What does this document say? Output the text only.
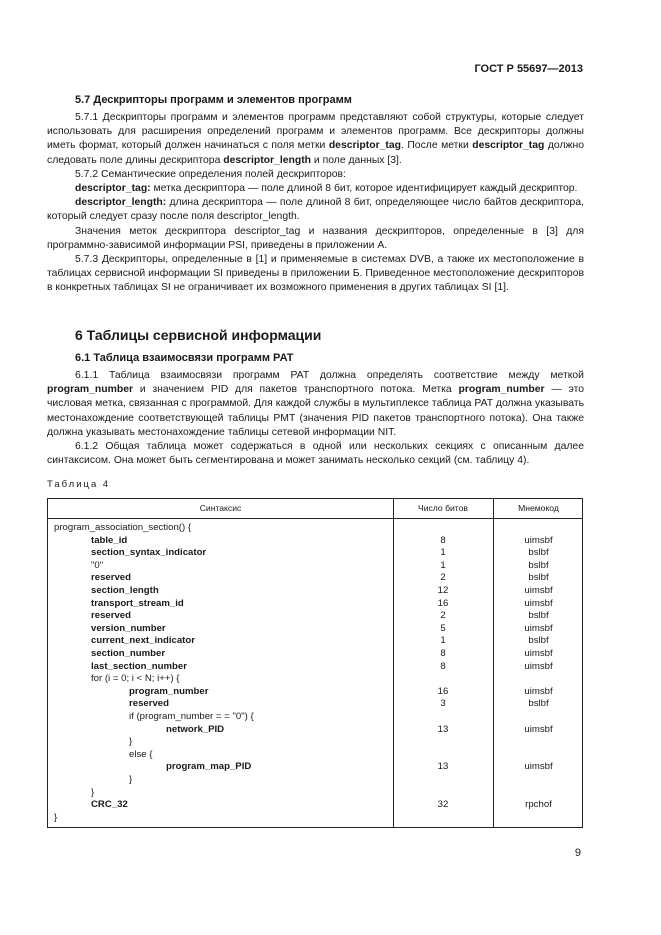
ГОСТ Р 55697—2013
5.7 Дескрипторы программ и элементов программ

5.7.1 Дескрипторы программ и элементов программ представляют собой структуры, которые следует использовать для расширения определений программ и элементов программ. Все дескрипторы должны иметь формат, который должен начинаться с поля метки descriptor_tag. После метки descriptor_tag должно следовать поле длины дескриптора descriptor_length и поле данных [3].

5.7.2 Семантические определения полей дескрипторов:

descriptor_tag: метка дескриптора — поле длиной 8 бит, которое идентифицирует каждый дескриптор.

descriptor_length: длина дескриптора — поле длиной 8 бит, определяющее число байтов дескриптора, который следует сразу после поля descriptor_length.

Значения меток дескриптора descriptor_tag и названия дескрипторов, определенные в [3] для программно-зависимой информации PSI, приведены в приложении А.

5.7.3 Дескрипторы, определенные в [1] и применяемые в системах DVB, а также их местоположение в таблицах сервисной информации SI приведены в приложении Б. Приведенное местоположение дескрипторов в конкретных таблицах SI не ограничивает их возможного применения в других таблицах SI [1].

6 Таблицы сервисной информации
6.1 Таблица взаимосвязи программ PAT

6.1.1 Таблица взаимосвязи программ PAT должна определять соответствие между меткой program_number и значением PID для пакетов транспортного потока. Метка program_number — это числовая метка, связанная с программой. Для каждой службы в мультиплексе таблица PAT должна указывать местонахождение соответствующей таблицы PMT (значения PID пакетов транспортного потока). Она также должна указывать местонахождение таблицы сетевой информации NIT.

6.1.2 Общая таблица может содержаться в одной или нескольких секциях с описанным далее синтаксисом. Она может быть сегментирована и может занимать несколько секций (см. таблицу 4).

Таблица 4
Синтаксис	Число битов	Мнемокод
program_association_section() {
table_id	8	uimsbf
section_syntax_indicator	1	bslbf
"0"	1	bslbf
reserved	2	bslbf
section_length	12	uimsbf
transport_stream_id	16	uimsbf
reserved	2	bslbf
version_number	5	uimsbf
current_next_indicator	1	bslbf
section_number	8	uimsbf
last_section_number	8	uimsbf
for (i = 0; i < N; i++) {
program_number	16	uimsbf
reserved	3	bslbf
if (program_number = = "0") {
network_PID	13	uimsbf
}
else {
program_map_PID	13	uimsbf
}
}
CRC_32	32	rpchof
}
9
